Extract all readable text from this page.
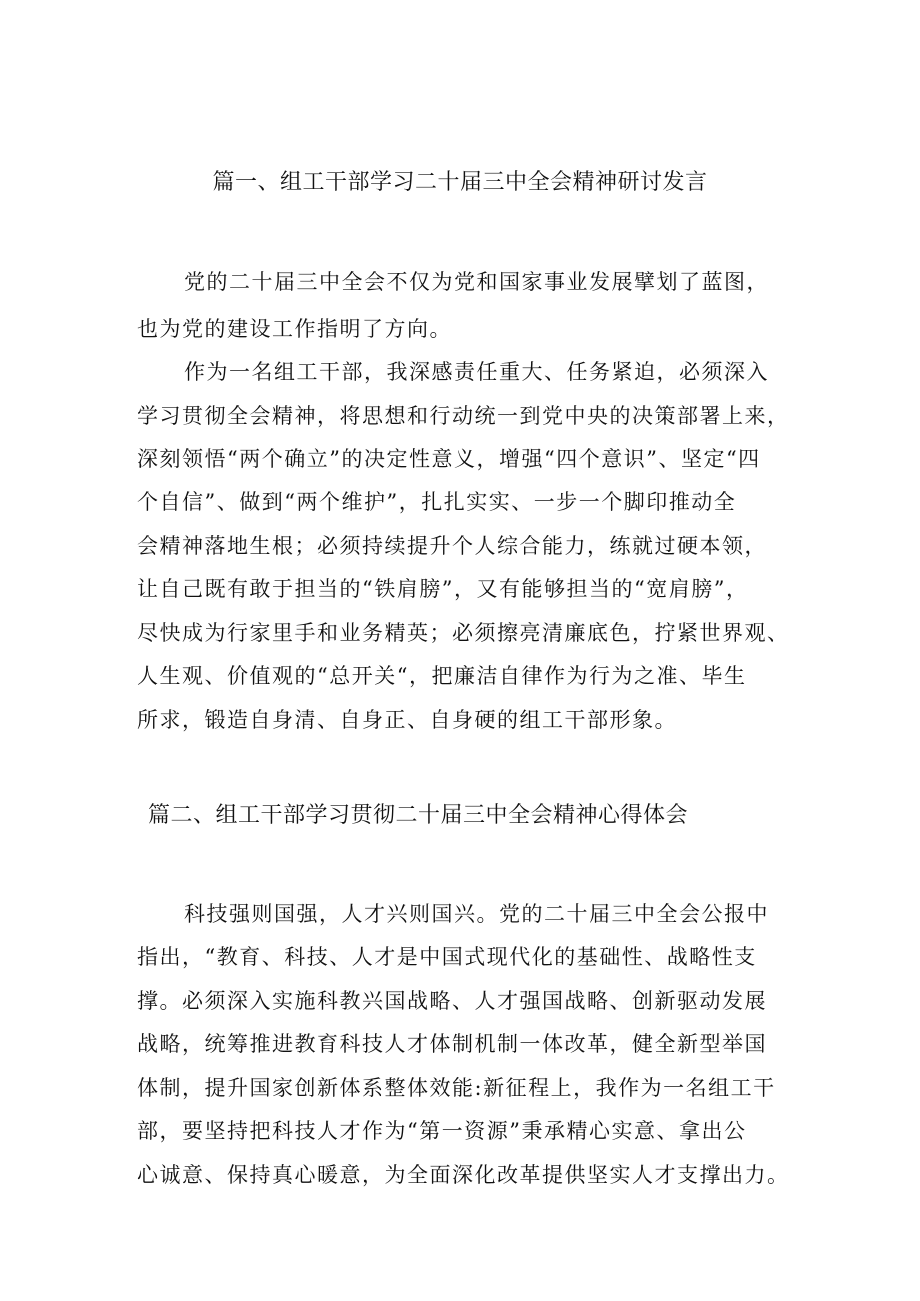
篇一、组工干部学习二十届三中全会精神研讨发言
党的二十届三中全会不仅为党和国家事业发展擘划了蓝图，
也为党的建设工作指明了方向。
作为一名组工干部，我深感责任重大、任务紧迫，必须深入
学习贯彻全会精神，将思想和行动统一到党中央的决策部署上来，
深刻领悟“两个确立”的决定性意义，增强“四个意识”、坚定“四
个自信”、做到“两个维护”，扎扎实实、一步一个脚印推动全
会精神落地生根；必须持续提升个人综合能力，练就过硬本领，
让自己既有敢于担当的“铁肩膀”，又有能够担当的“宽肩膀”，
尽快成为行家里手和业务精英；必须擦亮清廉底色，拧紧世界观、
人生观、价值观的“总开关“，把廉洁自律作为行为之准、毕生
所求，锻造自身清、自身正、自身硬的组工干部形象。
篇二、组工干部学习贯彻二十届三中全会精神心得体会
科技强则国强，人才兴则国兴。党的二十届三中全会公报中
指出，“教育、科技、人才是中国式现代化的基础性、战略性支
撑。必须深入实施科教兴国战略、人才强国战略、创新驱动发展
战略，统筹推进教育科技人才体制机制一体改革，健全新型举国
体制，提升国家创新体系整体效能:新征程上，我作为一名组工干
部，要坚持把科技人才作为“第一资源”秉承精心实意、拿出公
心诚意、保持真心暖意，为全面深化改革提供坚实人才支撑出力。
